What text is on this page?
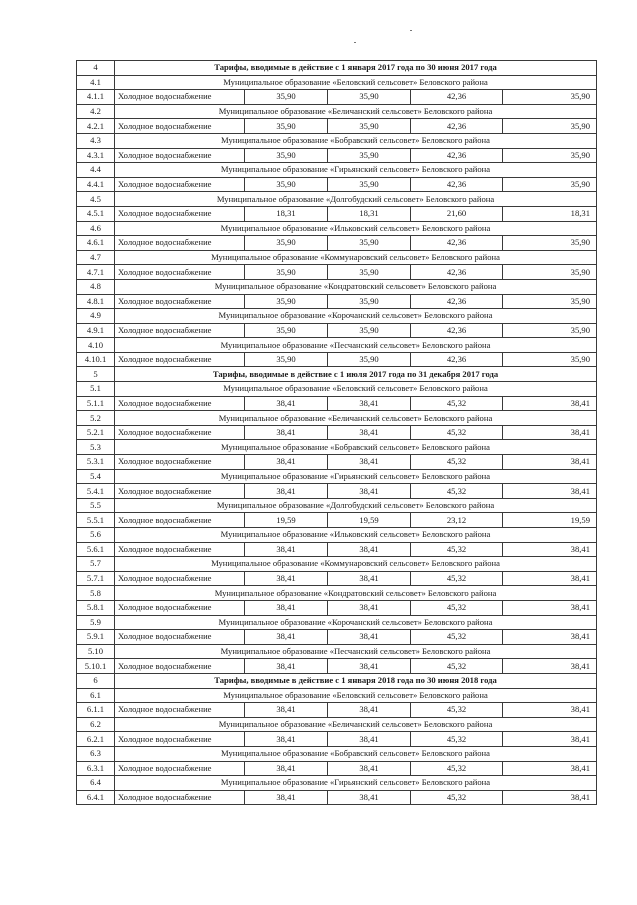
4	Тарифы, вводимые в действие с 1 января 2017 года по 30 июня 2017 года				
4.1	Муниципальное образование «Беловский сельсовет» Беловского района				
4.1.1	Холодное водоснабжение	35,90	35,90	42,36	35,90
4.2	Муниципальное образование «Беличанский сельсовет» Беловского района				
4.2.1	Холодное водоснабжение	35,90	35,90	42,36	35,90
4.3	Муниципальное образование «Бобравский сельсовет» Беловского района				
4.3.1	Холодное водоснабжение	35,90	35,90	42,36	35,90
4.4	Муниципальное образование «Гирьянский сельсовет» Беловского района				
4.4.1	Холодное водоснабжение	35,90	35,90	42,36	35,90
4.5	Муниципальное образование «Долгобудский сельсовет» Беловского района				
4.5.1	Холодное водоснабжение	18,31	18,31	21,60	18,31
4.6	Муниципальное образование «Ильковский сельсовет» Беловского района				
4.6.1	Холодное водоснабжение	35,90	35,90	42,36	35,90
4.7	Муниципальное образование «Коммунаровский сельсовет» Беловского района				
4.7.1	Холодное водоснабжение	35,90	35,90	42,36	35,90
4.8	Муниципальное образование «Кондратовский сельсовет» Беловского района				
4.8.1	Холодное водоснабжение	35,90	35,90	42,36	35,90
4.9	Муниципальное образование «Корочанский сельсовет» Беловского района				
4.9.1	Холодное водоснабжение	35,90	35,90	42,36	35,90
4.10	Муниципальное образование «Песчанский сельсовет» Беловского района				
4.10.1	Холодное водоснабжение	35,90	35,90	42,36	35,90
5	Тарифы, вводимые в действие с 1 июля 2017 года по 31 декабря 2017 года				
5.1	Муниципальное образование «Беловский сельсовет» Беловского района				
5.1.1	Холодное водоснабжение	38,41	38,41	45,32	38,41
5.2	Муниципальное образование «Беличанский сельсовет» Беловского района				
5.2.1	Холодное водоснабжение	38,41	38,41	45,32	38,41
5.3	Муниципальное образование «Бобравский сельсовет» Беловского района				
5.3.1	Холодное водоснабжение	38,41	38,41	45,32	38,41
5.4	Муниципальное образование «Гирьянский сельсовет» Беловского района				
5.4.1	Холодное водоснабжение	38,41	38,41	45,32	38,41
5.5	Муниципальное образование «Долгобудский сельсовет» Беловского района				
5.5.1	Холодное водоснабжение	19,59	19,59	23,12	19,59
5.6	Муниципальное образование «Ильковский сельсовет» Беловского района				
5.6.1	Холодное водоснабжение	38,41	38,41	45,32	38,41
5.7	Муниципальное образование «Коммунаровский сельсовет» Беловского района				
5.7.1	Холодное водоснабжение	38,41	38,41	45,32	38,41
5.8	Муниципальное образование «Кондратовский сельсовет» Беловского района				
5.8.1	Холодное водоснабжение	38,41	38,41	45,32	38,41
5.9	Муниципальное образование «Корочанский сельсовет» Беловского района				
5.9.1	Холодное водоснабжение	38,41	38,41	45,32	38,41
5.10	Муниципальное образование «Песчанский сельсовет» Беловского района				
5.10.1	Холодное водоснабжение	38,41	38,41	45,32	38,41
6	Тарифы, вводимые в действие с 1 января 2018 года по 30 июня 2018 года				
6.1	Муниципальное образование «Беловский сельсовет» Беловского района				
6.1.1	Холодное водоснабжение	38,41	38,41	45,32	38,41
6.2	Муниципальное образование «Беличанский сельсовет» Беловского района				
6.2.1	Холодное водоснабжение	38,41	38,41	45,32	38,41
6.3	Муниципальное образование «Бобравский сельсовет» Беловского района				
6.3.1	Холодное водоснабжение	38,41	38,41	45,32	38,41
6.4	Муниципальное образование «Гирьянский сельсовет» Беловского района				
6.4.1	Холодное водоснабжение	38,41	38,41	45,32	38,41
